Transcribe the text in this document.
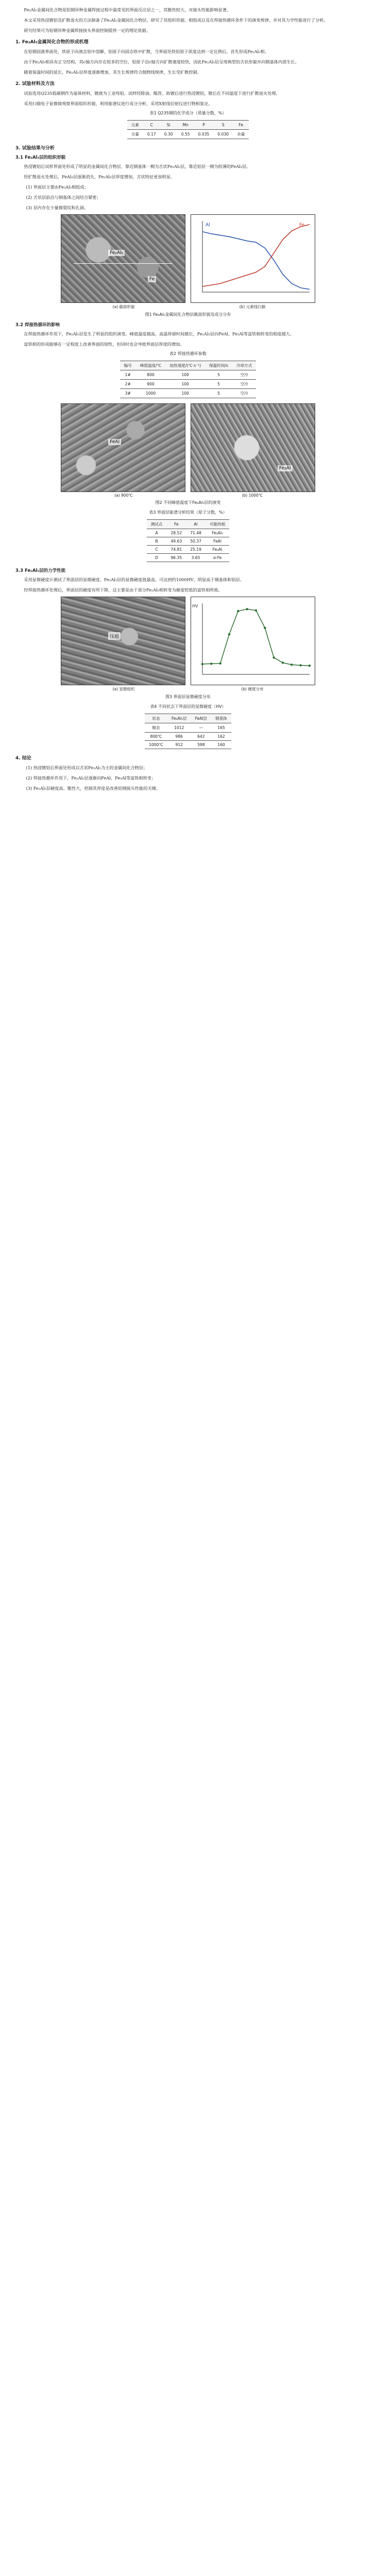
Fe₂Al₅金属间化合物是铝钢异种金属焊接过程中最常见的界面反应层之一，其脆性较大，对接头性能影响显著。

本文采用热浸镀铝及扩散退火的方法制备了Fe₂Al₅金属间化合物层，研究了其组织形貌、相组成以及在焊接热循环条件下的演变规律，并对其力学性能进行了分析。

研究结果可为铝钢异种金属焊接接头界面控制提供一定的理论依据。

1. Fe₂Al₅金属间化合物的形成机理

在铝钢固液界面处，铁原子向液态铝中溶解，铝原子向固态铁中扩散，当界面处铁铝原子浓度达到一定比例后，首先形成Fe₂Al₅相。

由于Fe₂Al₅相具有正交结构，其c轴方向存在较多的空位，铝原子沿c轴方向扩散速度较快，因此Fe₂Al₅层呈现典型的舌状形貌并向钢基体内部生长。

随着保温时间的延长，Fe₂Al₅层厚度逐渐增加，其生长规律符合抛物线规律，生长受扩散控制。

2. 试验材料及方法

试验选用Q235低碳钢作为基体材料，镀液为工业纯铝。试样经除油、酸洗、助镀后进行热浸镀铝，镀后在不同温度下进行扩散退火处理。

采用扫描电子显微镜观察界面组织形貌，利用能谱仪进行成分分析，采用X射线衍射仪进行物相鉴定。

表1 Q235钢的化学成分（质量分数，%）
元素	C	Si	Mn	P	S	Fe
含量	0.17	0.30	0.55	0.035	0.030	余量
3. 试验结果与分析
3.1 Fe₂Al₅层的组织形貌

热浸镀铝后试样界面处形成了明显的金属间化合物层，靠近钢基体一侧为舌状Fe₂Al₅层，靠近铝层一侧为较薄的FeAl₃层。

经扩散退火处理后，FeAl₃层逐渐消失，Fe₂Al₅层厚度增加，舌状特征更加明显。

(1) 界面层主要由Fe₂Al₅相组成；

(2) 舌状层前沿与钢基体之间结合紧密；

(3) 层内存在少量微裂纹和孔洞。

Fe₂Al₅
Fe
Al	Fe
(a) 截面形貌	(b) 元素线扫描
图1 Fe₂Al₅金属间化合物层截面形貌及成分分布
3.2 焊接热循环的影响

在焊接热循环作用下，Fe₂Al₅层发生了明显的组织演变。峰值温度越高，高温停留时间越长，Fe₂Al₅层向FeAl、Fe₃Al等富铁相转变的程度越大。

富铁相的形成能够在一定程度上改善界面的韧性，但同时也会导致界面层厚度的增加。

表2 焊接热循环参数
编号	峰值温度/℃	加热速度/(℃·s⁻¹)	保温时间/s	冷却方式
1#	800	100	5	空冷
2#	900	100	5	空冷
3#	1000	100	5	空冷
FeAl
Fe₃Al
(a) 900℃	(b) 1000℃
图2 不同峰值温度下Fe₂Al₅层的演变
表3 界面层能谱分析结果（原子分数，%）
测试点	Fe	Al	可能的相
A	28.52	71.48	Fe₂Al₅
B	49.63	50.37	FeAl
C	74.81	25.19	Fe₃Al
D	96.35	3.65	α-Fe
3.3 Fe₂Al₅层的力学性能

采用显微硬度计测试了界面层的显微硬度。Fe₂Al₅层的显微硬度值最高，可达到约1000HV，明显高于钢基体和铝层。

经焊接热循环处理后，界面层的硬度有所下降，这主要是由于部分Fe₂Al₅相转变为硬度较低的富铁相所致。

压痕
HV
(a) 显微组织	(b) 硬度分布
图3 界面层显微硬度分布
表4 不同状态下界面层的显微硬度（HV）
状态	Fe₂Al₅层	FeAl层	钢基体
镀态	1012	—	165
800℃	986	642	162
1000℃	912	598	160
4. 结论

(1) 热浸镀铝后界面处形成以舌状Fe₂Al₅为主的金属间化合物层；

(2) 焊接热循环作用下，Fe₂Al₅层逐渐向FeAl、Fe₃Al等富铁相转变；

(3) Fe₂Al₅层硬度高、脆性大，控制其厚度是改善铝钢接头性能的关键。
